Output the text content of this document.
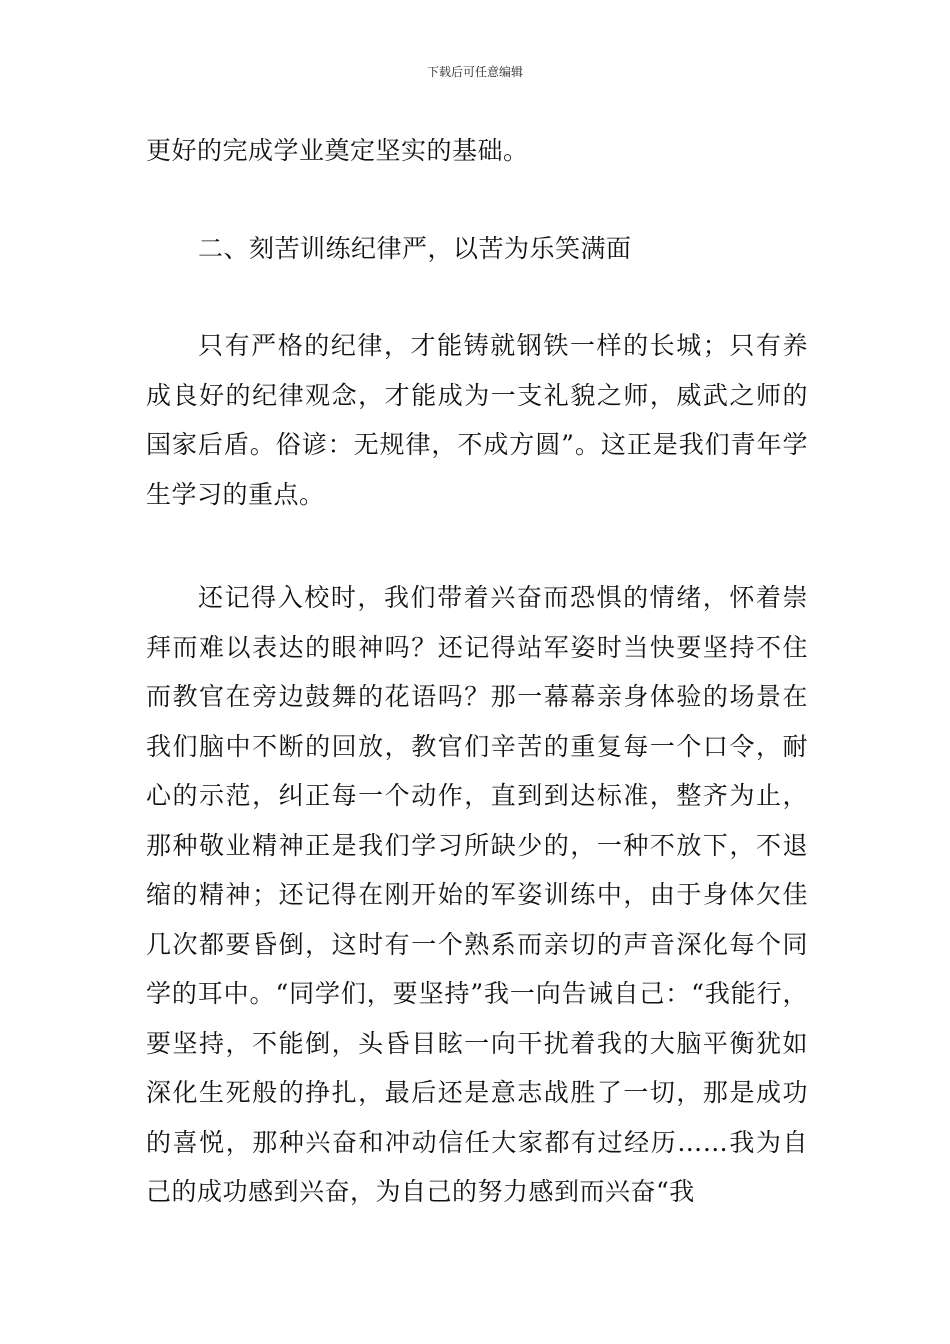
下载后可任意编辑

更好的完成学业奠定坚实的基础。

二、刻苦训练纪律严，以苦为乐笑满面

只有严格的纪律，才能铸就钢铁一样的长城；只有养成良好的纪律观念，才能成为一支礼貌之师，威武之师的国家后盾。俗谚：无规律，不成方圆”。这正是我们青年学生学习的重点。

还记得入校时，我们带着兴奋而恐惧的情绪，怀着崇拜而难以表达的眼神吗？还记得站军姿时当快要坚持不住而教官在旁边鼓舞的花语吗？那一幕幕亲身体验的场景在我们脑中不断的回放，教官们辛苦的重复每一个口令，耐心的示范，纠正每一个动作，直到到达标准，整齐为止，那种敬业精神正是我们学习所缺少的，一种不放下，不退缩的精神；还记得在刚开始的军姿训练中，由于身体欠佳几次都要昏倒，这时有一个熟系而亲切的声音深化每个同学的耳中。“同学们，要坚持”我一向告诫自己：“我能行，要坚持，不能倒，头昏目眩一向干扰着我的大脑平衡犹如深化生死般的挣扎，最后还是意志战胜了一切，那是成功的喜悦，那种兴奋和冲动信任大家都有过经历……我为自己的成功感到兴奋，为自己的努力感到而兴奋“我
